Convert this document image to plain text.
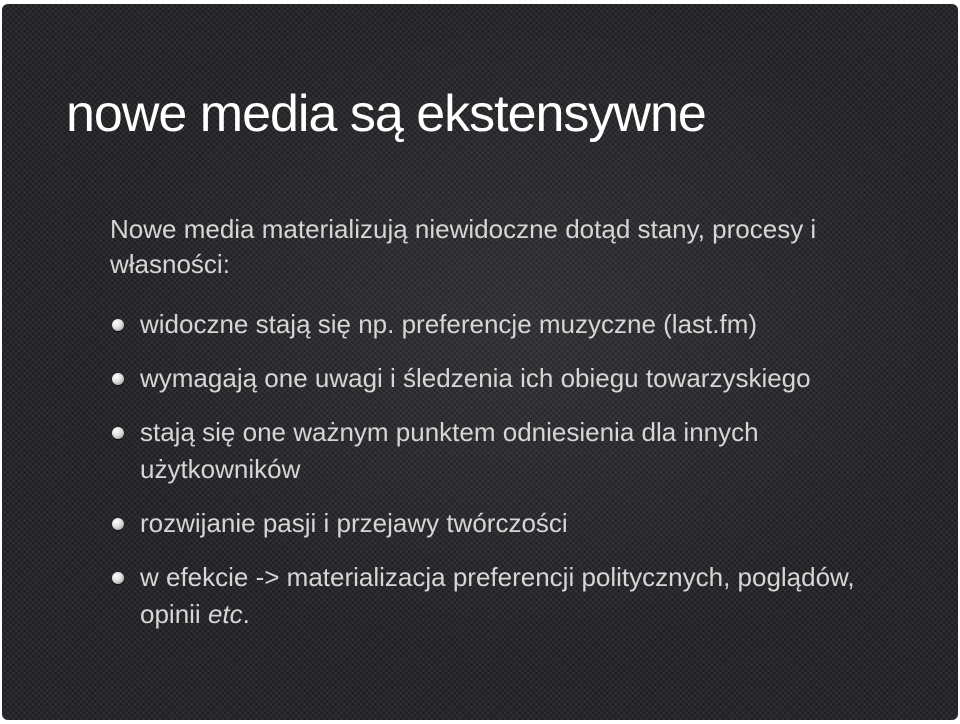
nowe media są ekstensywne

Nowe media materializują niewidoczne dotąd stany, procesy i własności:

widoczne stają się np. preferencje muzyczne (last.fm)
wymagają one uwagi i śledzenia ich obiegu towarzyskiego
stają się one ważnym punktem odniesienia dla innych użytkowników
rozwijanie pasji i przejawy twórczości
w efekcie -> materializacja preferencji politycznych, poglądów, opinii etc.
